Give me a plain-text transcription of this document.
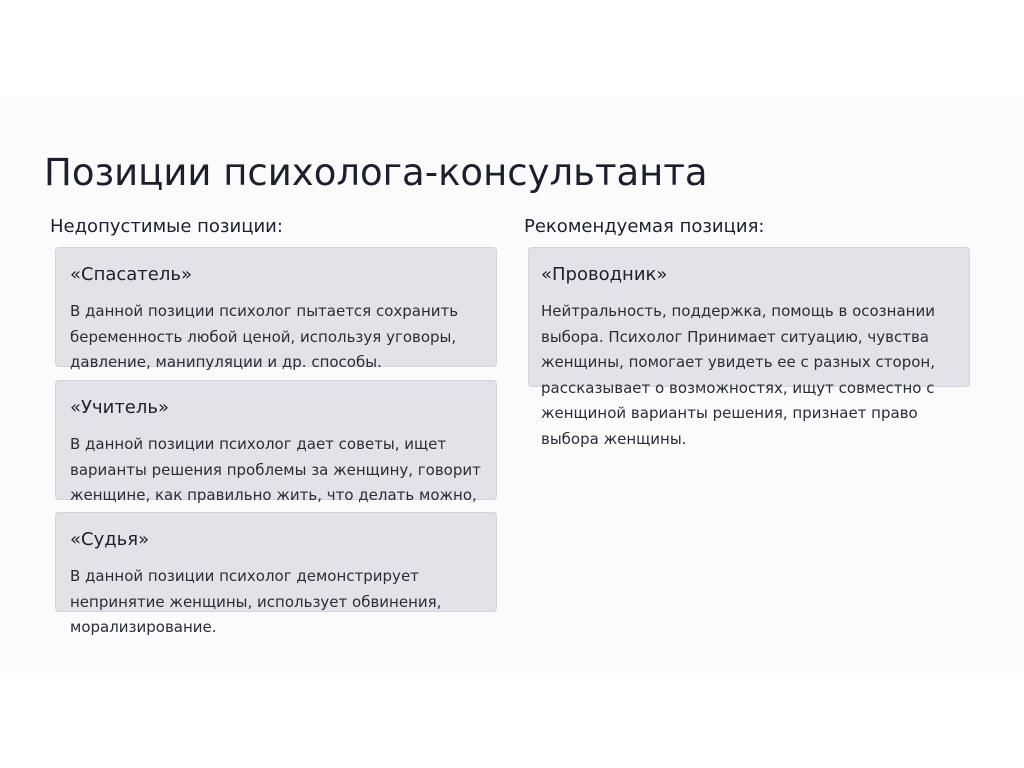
Позиции психолога-консультанта
Недопустимые позиции:	Рекомендуемая позиция:
«Спасатель»

В данной позиции психолог пытается сохранить беременность любой ценой, используя уговоры, давление, манипуляции и др. способы.

«Учитель»

В данной позиции психолог дает советы, ищет варианты решения проблемы за женщину, говорит женщине, как правильно жить, что делать можно,

«Судья»

В данной позиции психолог демонстрирует непринятие женщины, использует обвинения, морализирование.

«Проводник»

Нейтральность, поддержка, помощь в осознании выбора. Психолог Принимает ситуацию, чувства женщины, помогает увидеть ее с разных сторон, рассказывает о возможностях, ищут совместно с женщиной варианты решения, признает право выбора женщины.
